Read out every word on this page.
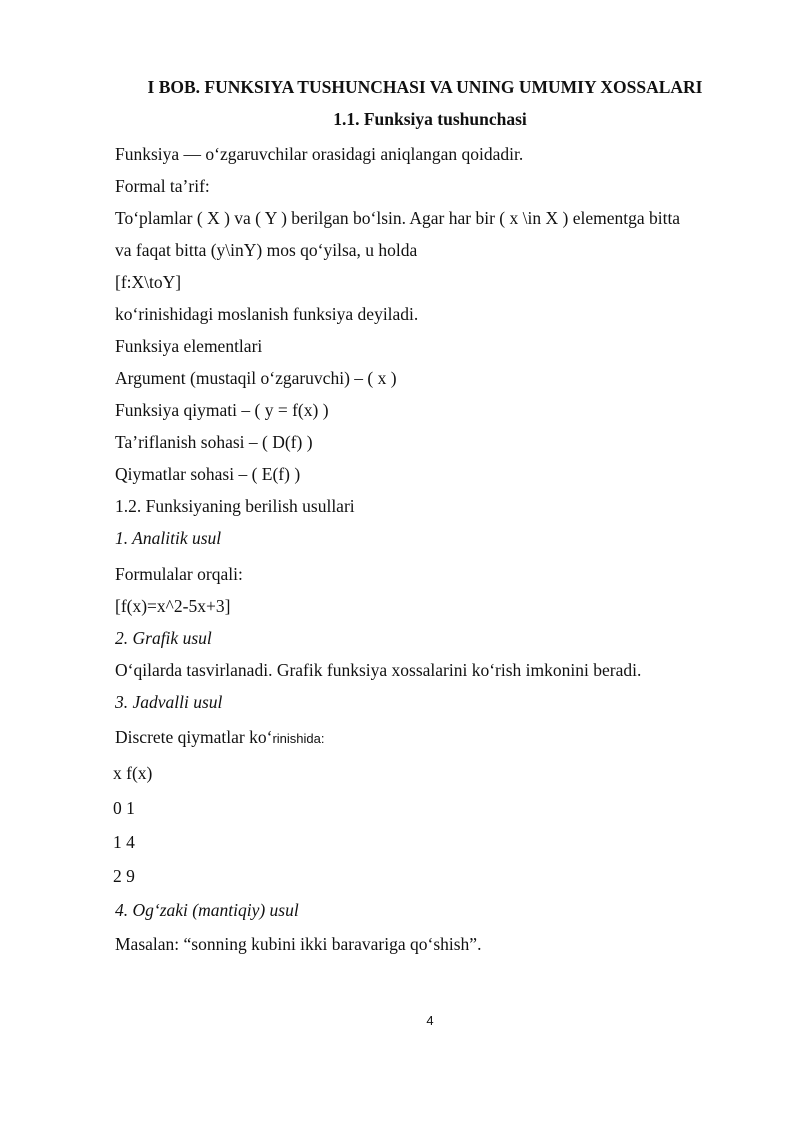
I BOB. FUNKSIYA TUSHUNCHASI VA UNING UMUMIY XOSSALARI
1.1. Funksiya tushunchasi
Funksiya — o‘zgaruvchilar orasidagi aniqlangan qoidadir.
Formal ta’rif:
To‘plamlar ( X ) va ( Y ) berilgan bo‘lsin. Agar har bir ( x \in X ) elementga bitta
va faqat bitta (y\inY) mos qo‘yilsa, u holda
[f:X\toY]
ko‘rinishidagi moslanish funksiya deyiladi.
Funksiya elementlari
Argument (mustaqil o‘zgaruvchi) – ( x )
Funksiya qiymati – ( y = f(x) )
Ta’riflanish sohasi – ( D(f) )
Qiymatlar sohasi – ( E(f) )
1.2. Funksiyaning berilish usullari
1. Analitik usul
Formulalar orqali:
[f(x)=x^2-5x+3]
2. Grafik usul
O‘qilarda tasvirlanadi. Grafik funksiya xossalarini ko‘rish imkonini beradi.
3. Jadvalli usul
Discrete qiymatlar ko‘rinishida:
x f(x)
0 1
1 4
2 9
4. Og‘zaki (mantiqiy) usul
Masalan: “sonning kubini ikki baravariga qo‘shish”.
4
